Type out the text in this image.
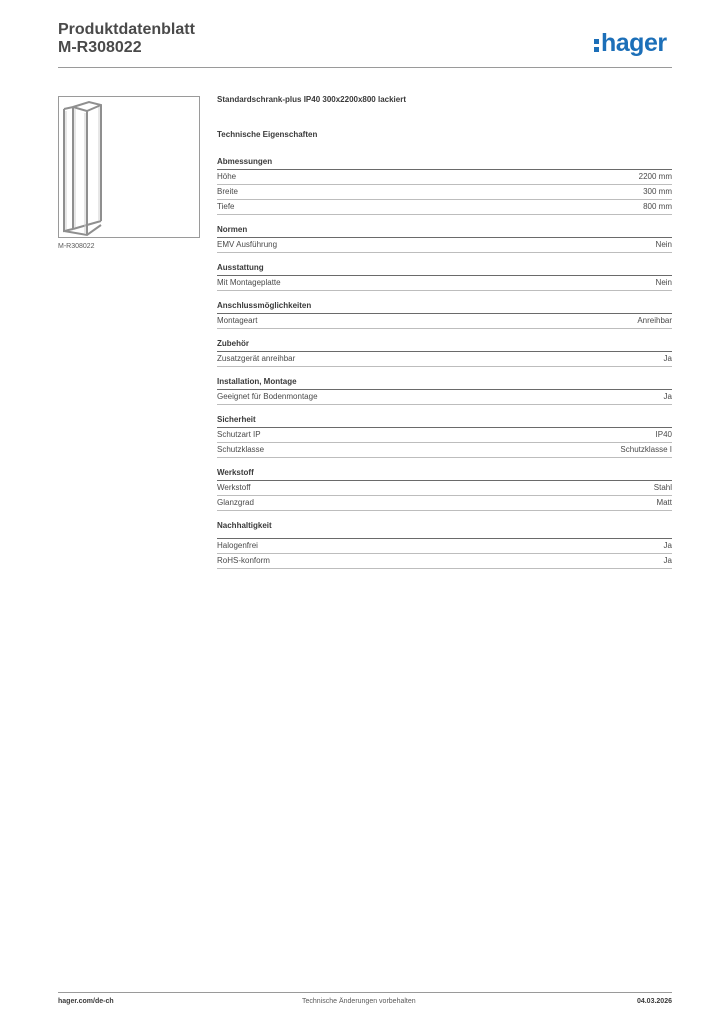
Produktdatenblatt
M-R308022	hager
M-R308022

Standardschrank-plus IP40 300x2200x800 lackiert

Technische Eigenschaften

Abmessungen
Höhe	2200 mm
Breite	300 mm
Tiefe	800 mm
Normen
EMV Ausführung	Nein
Ausstattung
Mit Montageplatte	Nein
Anschlussmöglichkeiten
Montageart	Anreihbar
Zubehör
Zusatzgerät anreihbar	Ja
Installation, Montage
Geeignet für Bodenmontage	Ja
Sicherheit
Schutzart IP	IP40
Schutzklasse	Schutzklasse I
Werkstoff
Werkstoff	Stahl
Glanzgrad	Matt
Nachhaltigkeit
Halogenfrei	Ja
RoHS-konform	Ja
hager.com/de-ch	Technische Änderungen vorbehalten	04.03.2026
